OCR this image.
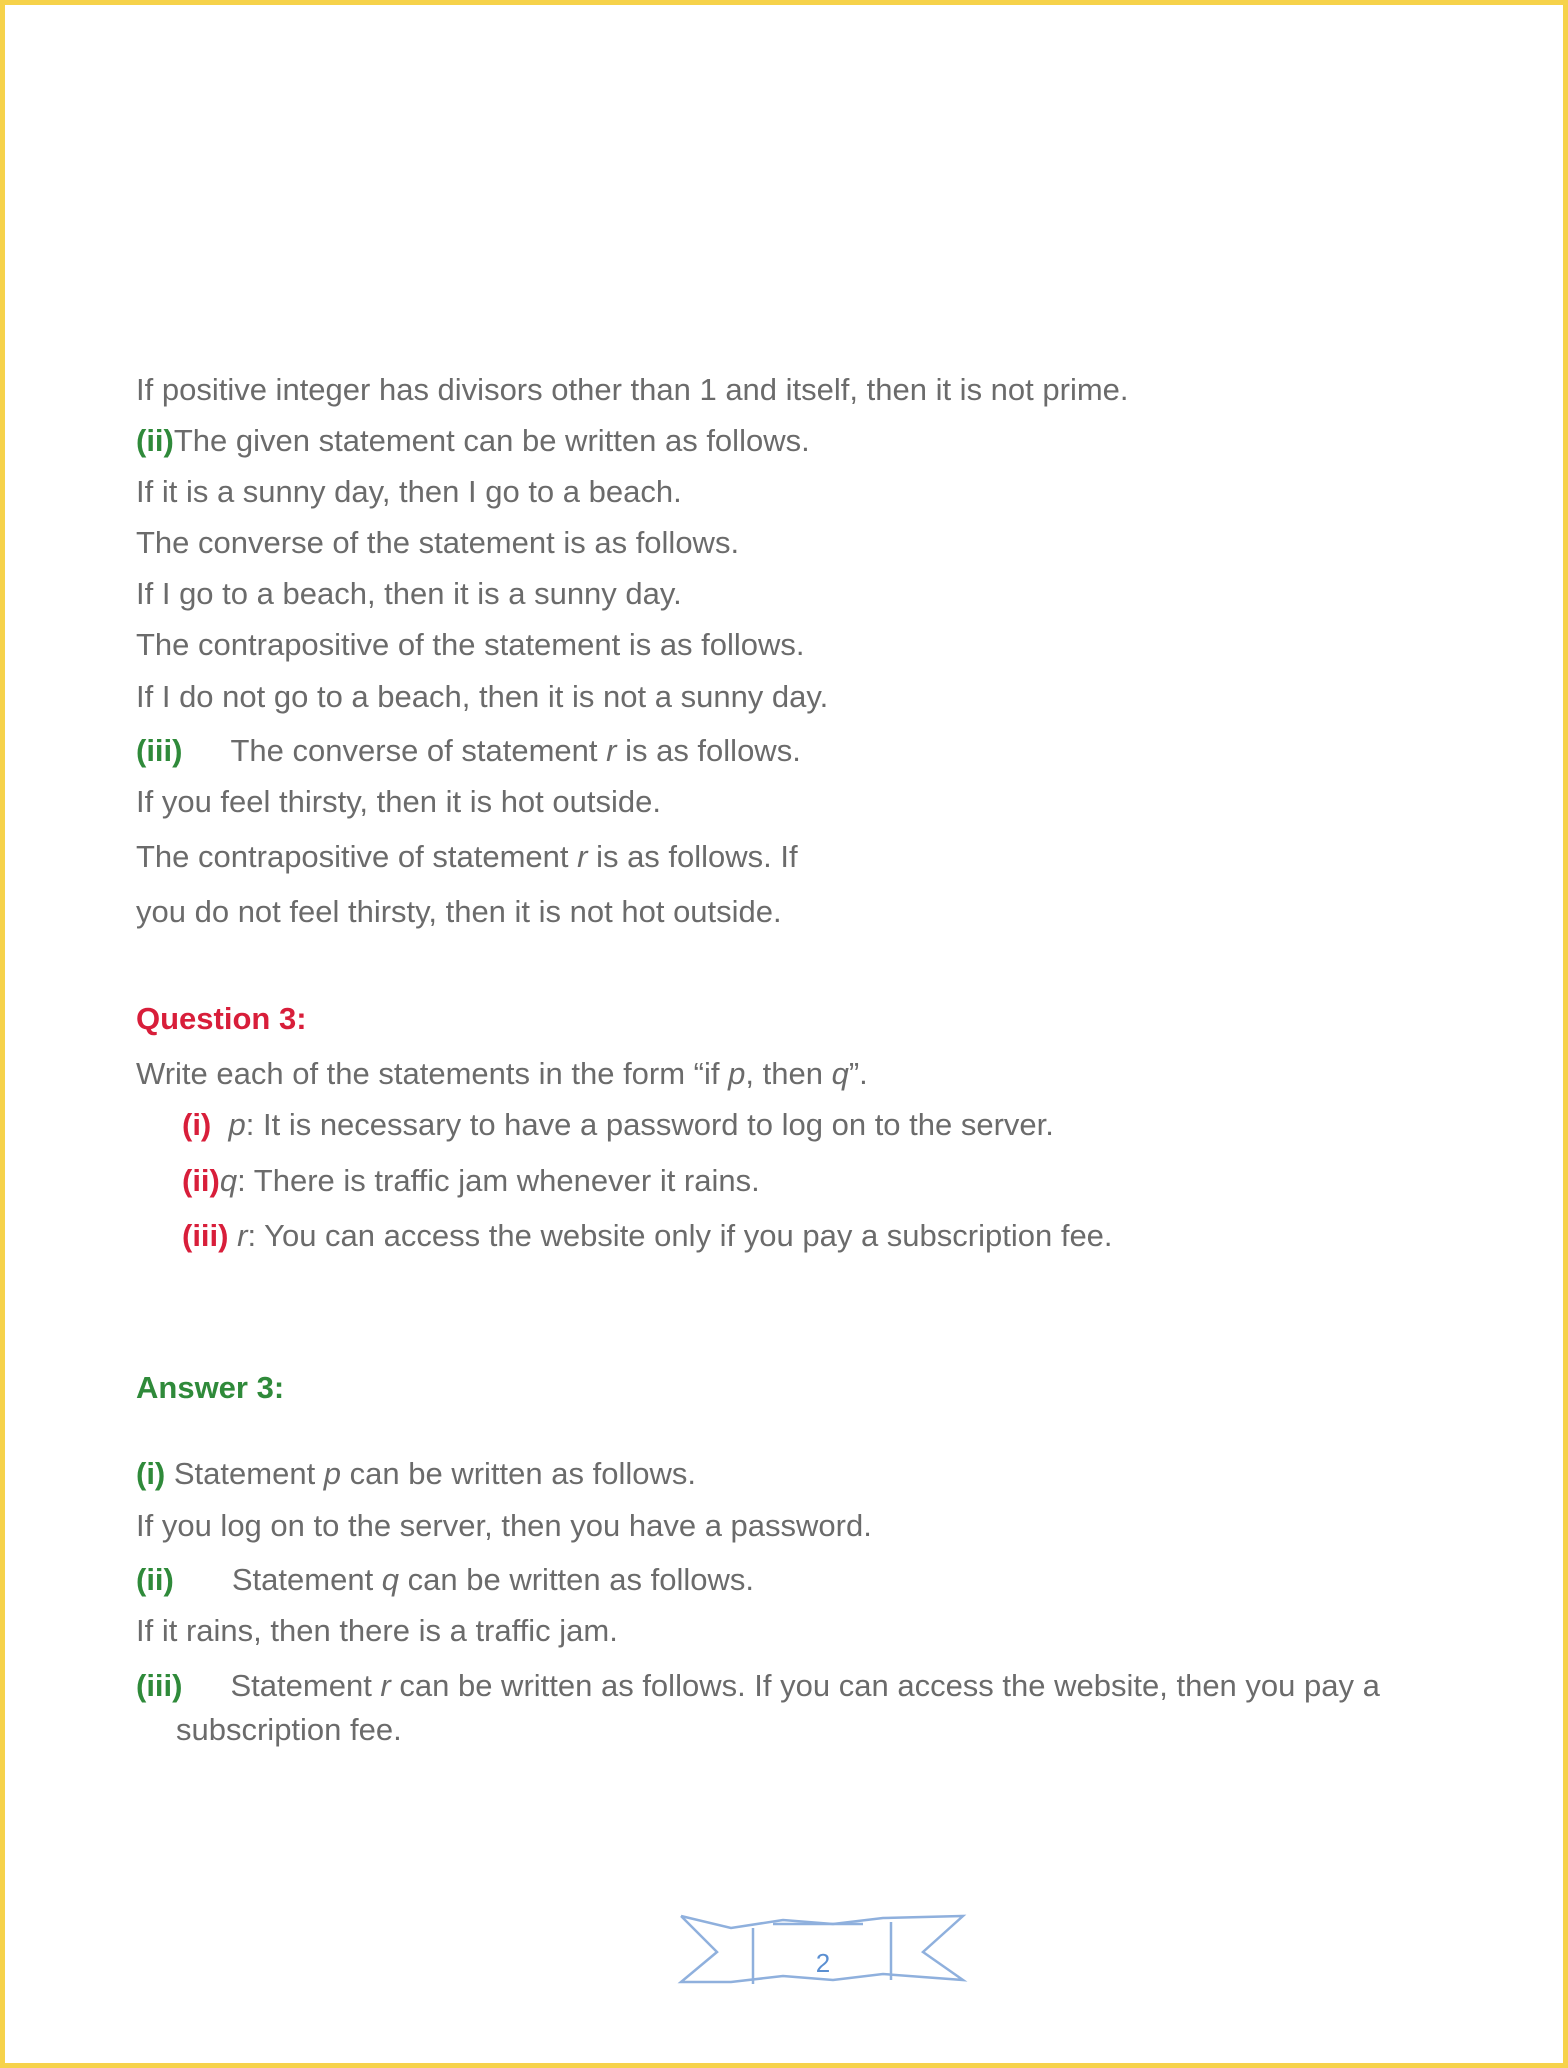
If positive integer has divisors other than 1 and itself, then it is not prime.
(ii)The given statement can be written as follows.
If it is a sunny day, then I go to a beach.
The converse of the statement is as follows.
If I go to a beach, then it is a sunny day.
The contrapositive of the statement is as follows.
If I do not go to a beach, then it is not a sunny day.
(iii) The converse of statement r is as follows.
If you feel thirsty, then it is hot outside.
The contrapositive of statement r is as follows. If
you do not feel thirsty, then it is not hot outside.
Question 3:
Write each of the statements in the form “if p, then q”.
(i) p: It is necessary to have a password to log on to the server.
(ii)q: There is traffic jam whenever it rains.
(iii) r: You can access the website only if you pay a subscription fee.
Answer 3:
(i) Statement p can be written as follows.
If you log on to the server, then you have a password.
(ii) Statement q can be written as follows.
If it rains, then there is a traffic jam.
(iii) Statement r can be written as follows. If you can access the website, then you pay a
subscription fee.
2
